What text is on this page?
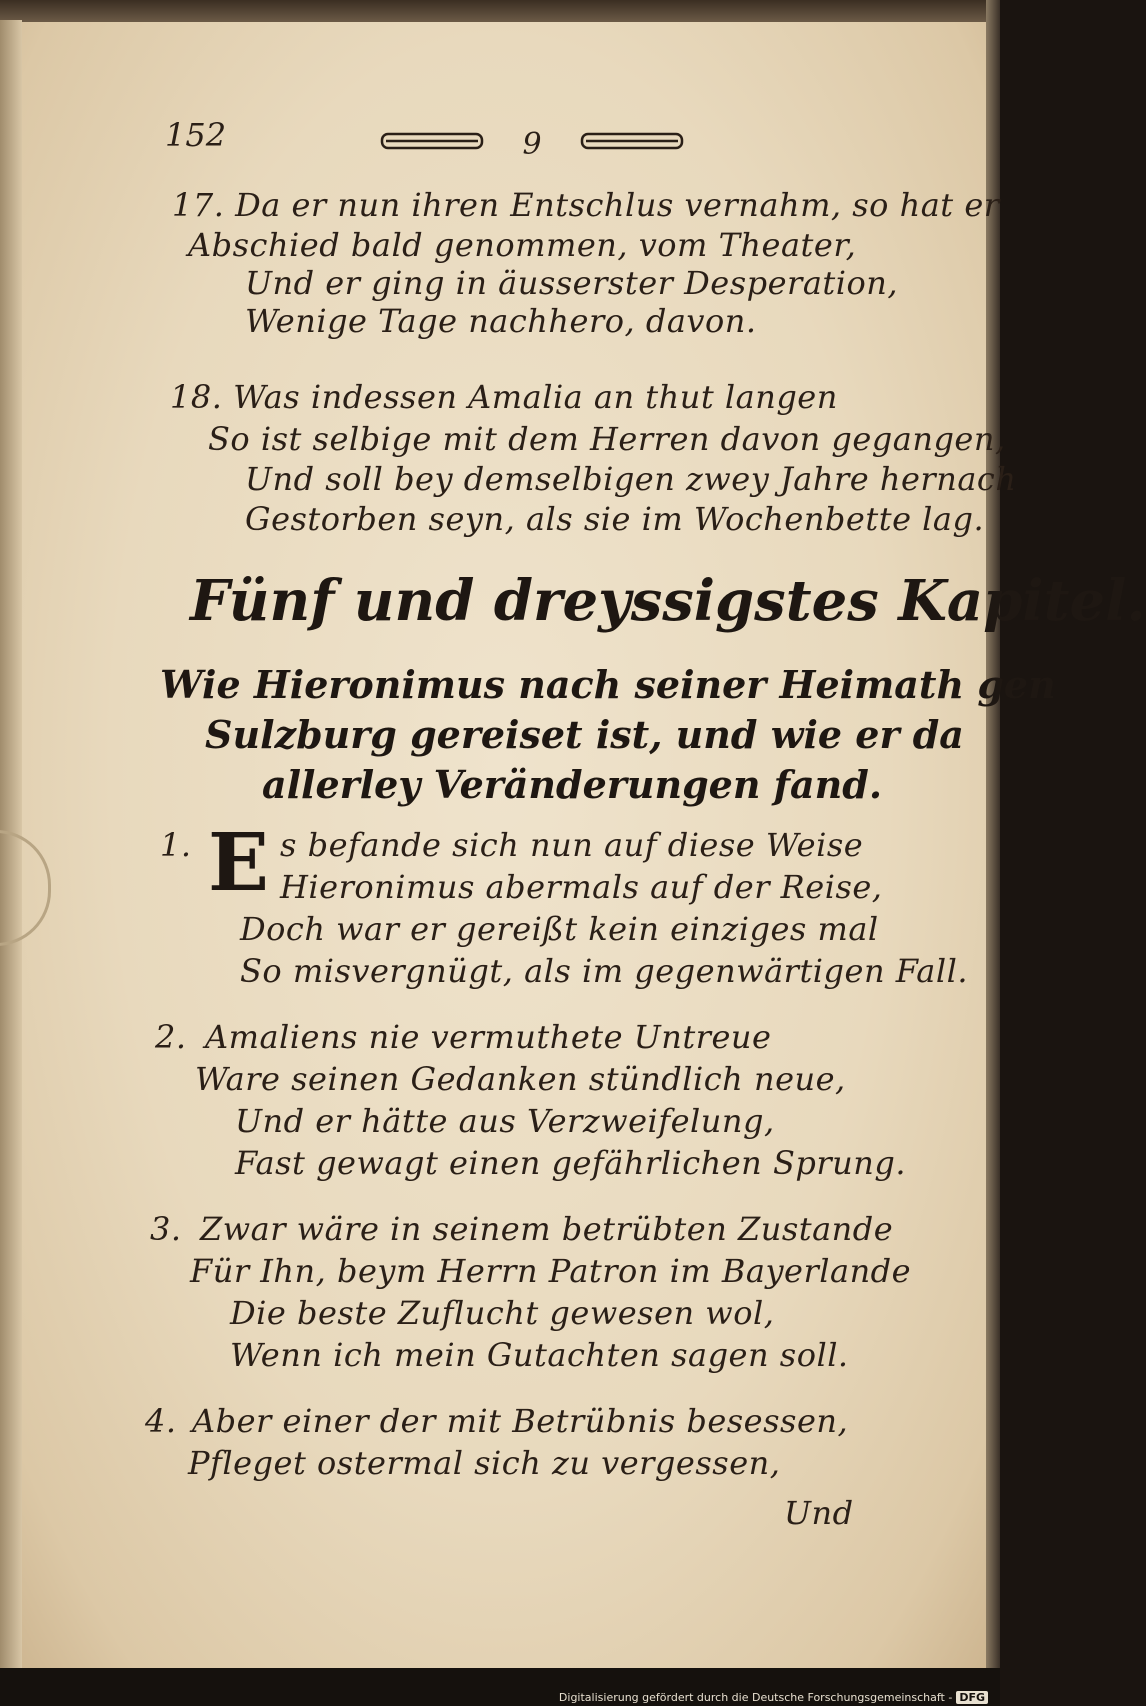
152	9
17. Da er nun ihren Entschlus vernahm, so hat er
Abschied bald genommen, vom Theater,
Und er ging in äusserster Desperation,
Wenige Tage nachhero, davon.
18. Was indessen Amalia an thut langen
So ist selbige mit dem Herren davon gegangen,
Und soll bey demselbigen zwey Jahre hernach
Gestorben seyn, als sie im Wochenbette lag.
Fünf und dreyssigstes Kapitel.
Wie Hieronimus nach seiner Heimath gen
Sulzburg gereiset ist, und wie er da
allerley Veränderungen fand.
1. E s befande sich nun auf diese Weise
Hieronimus abermals auf der Reise,
Doch war er gereißt kein einziges mal
So misvergnügt, als im gegenwärtigen Fall.
2. Amaliens nie vermuthete Untreue
Ware seinen Gedanken stündlich neue,
Und er hätte aus Verzweifelung,
Fast gewagt einen gefährlichen Sprung.
3. Zwar wäre in seinem betrübten Zustande
Für Ihn, beym Herrn Patron im Bayerlande
Die beste Zuflucht gewesen wol,
Wenn ich mein Gutachten sagen soll.
4. Aber einer der mit Betrübnis besessen,
Pfleget ostermal sich zu vergessen,
Und
Digitalisierung gefördert durch die Deutsche Forschungsgemeinschaft - DFG
